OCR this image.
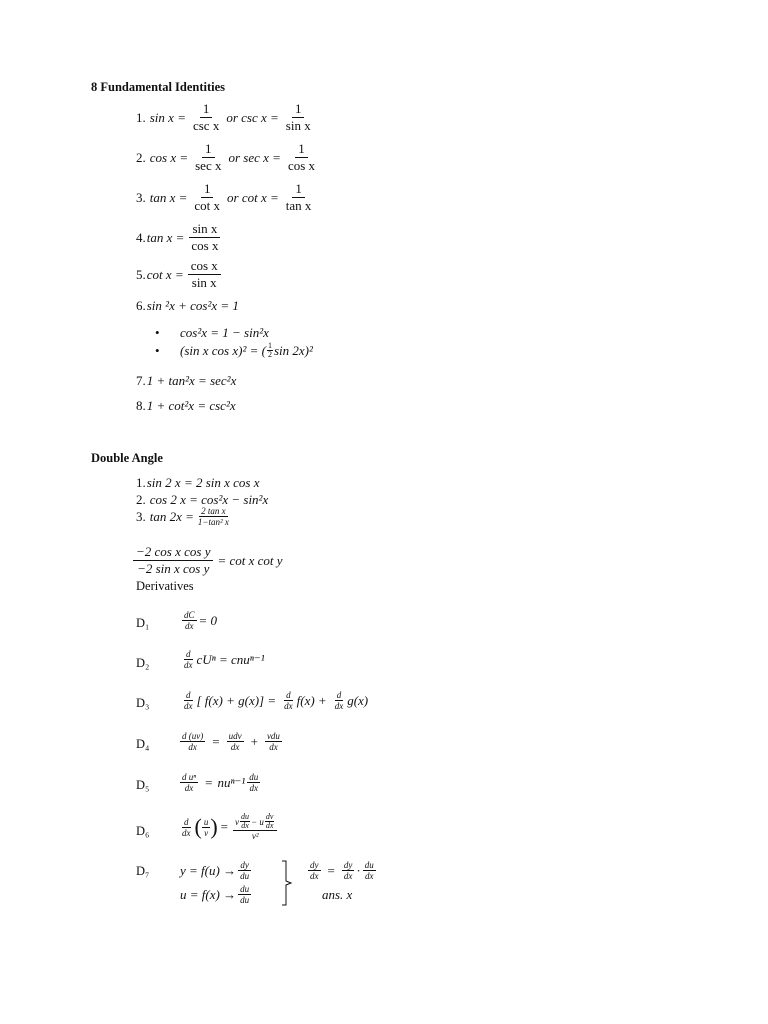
8 Fundamental Identities
1. $\sin x = \frac{1}{\text{csc x}}$ or $\csc x = \frac{1}{\text{sin x}}$
2. $\cos x = \frac{1}{\text{sec x}}$ or $\sec x = \frac{1}{\text{cos x}}$
3. $\tan x = \frac{1}{\text{cot x}}$ or $\cot x = \frac{1}{\text{tan x}}$
4. $\tan x = \frac{\text{sin x}}{\text{cos x}}$
5. $\cot x = \frac{\text{cos x}}{\text{sin x}}$
6. sin ²x + cos²x = 1
•	cos²x = 1 − sin²x
•	(sin x cos x)² = ( $\frac{1}{2}$ sin 2x)²
7. 1 + tan²x = sec²x
8. 1 + cot²x = csc²x
Double Angle
1. sin 2 x = 2 sin x cos x
2. cos 2 x = cos²x − sin²x
3. $\tan 2x = \frac{\text{2 tan x}}{\text{1−tan² x}}$
$\frac{\text{−2 cos x cos y}}{\text{−2 sin x cos y}} = \cot x$ cot y
Derivatives
D₁	$\frac{dC}{dx} = 0$
D₂	$\frac{d}{dx}$ cUⁿ = cnuⁿ⁻¹
D₃	$\frac{d}{dx}$ [ $f(x) + g(x)] = \frac{d}{dx} f(x) + \frac{d}{dx} g(x)$
D₄	$\frac{d (uv)}{dx} = \frac{\text{udv}}{dx} + \frac{\text{vdu}}{dx}$
D₅	$\frac{\text{d uⁿ}}{dx} = nu^{n-1} \frac{du}{dx}$
D₆	$\frac{d}{dx}$ ( $\frac{u}{v}$ ) = $\frac{v \frac{du}{dx} - u \frac{dv}{dx}}{\text{v²}}$
D₇ $y = f(u) \to \frac{dy}{du}$
$u = f(x) \to \frac{du}{du}$
$\frac{dy}{dx} = \frac{dy}{dx} \cdot \frac{du}{dx}$
ans. x
